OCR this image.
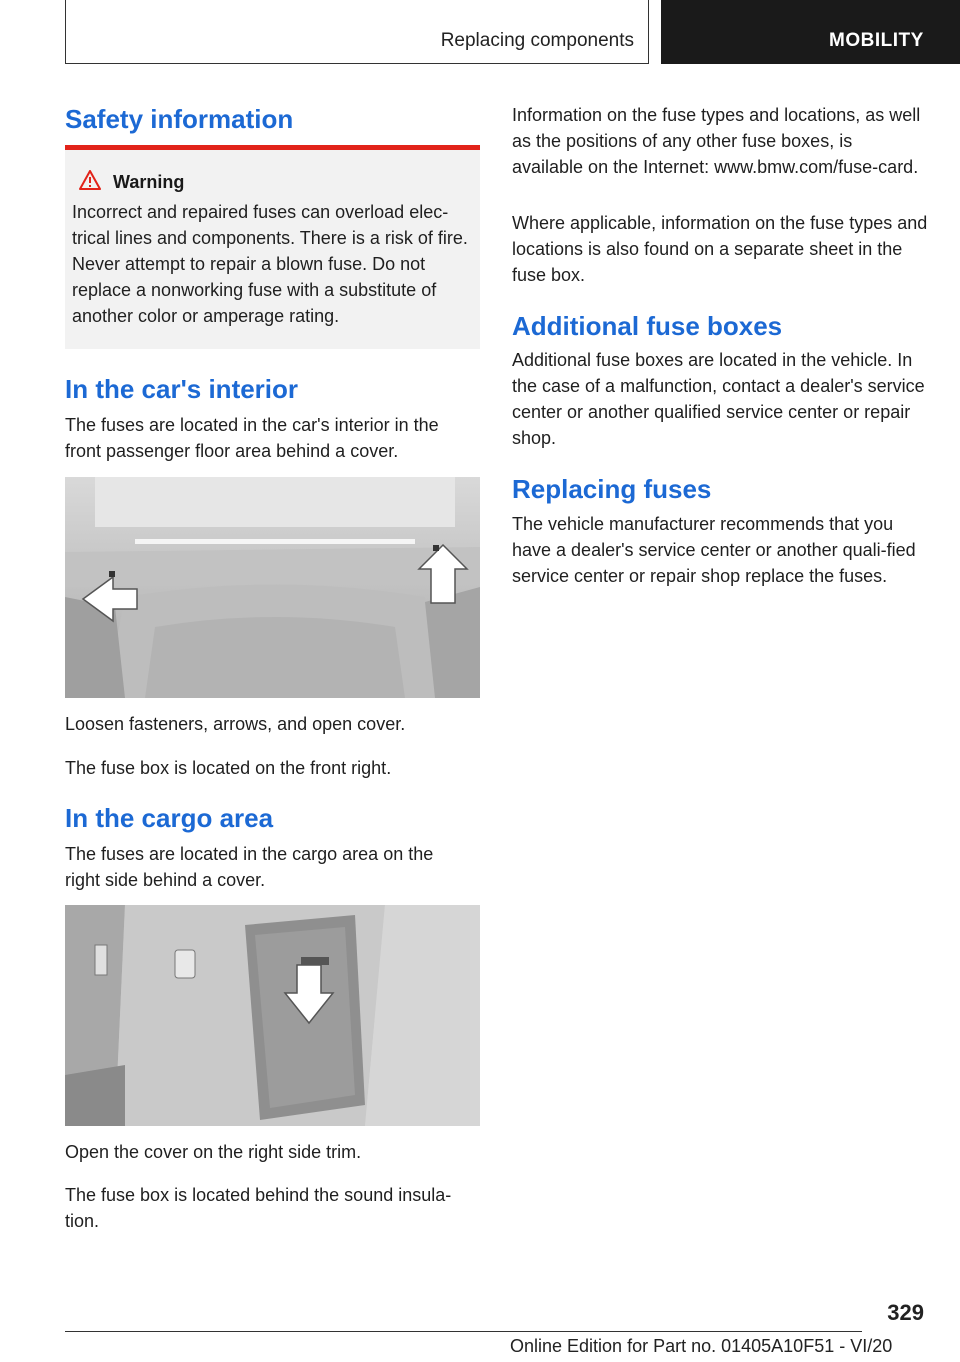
Replacing components	MOBILITY
Safety information
Warning

Incorrect and repaired fuses can overload elec-trical lines and components. There is a risk of fire. Never attempt to repair a blown fuse. Do not replace a nonworking fuse with a substitute of another color or amperage rating.

In the car's interior

The fuses are located in the car's interior in the front passenger floor area behind a cover.

Loosen fasteners, arrows, and open cover.

The fuse box is located on the front right.

In the cargo area

The fuses are located in the cargo area on the right side behind a cover.

Open the cover on the right side trim.

The fuse box is located behind the sound insula-tion.

Information on the fuse types and locations, as well as the positions of any other fuse boxes, is available on the Internet: www.bmw.com/fuse-card.

Where applicable, information on the fuse types and locations is also found on a separate sheet in the fuse box.

Additional fuse boxes

Additional fuse boxes are located in the vehicle. In the case of a malfunction, contact a dealer's service center or another qualified service center or repair shop.

Replacing fuses

The vehicle manufacturer recommends that you have a dealer's service center or another quali-fied service center or repair shop replace the fuses.

329
Online Edition for Part no. 01405A10F51 - VI/20
